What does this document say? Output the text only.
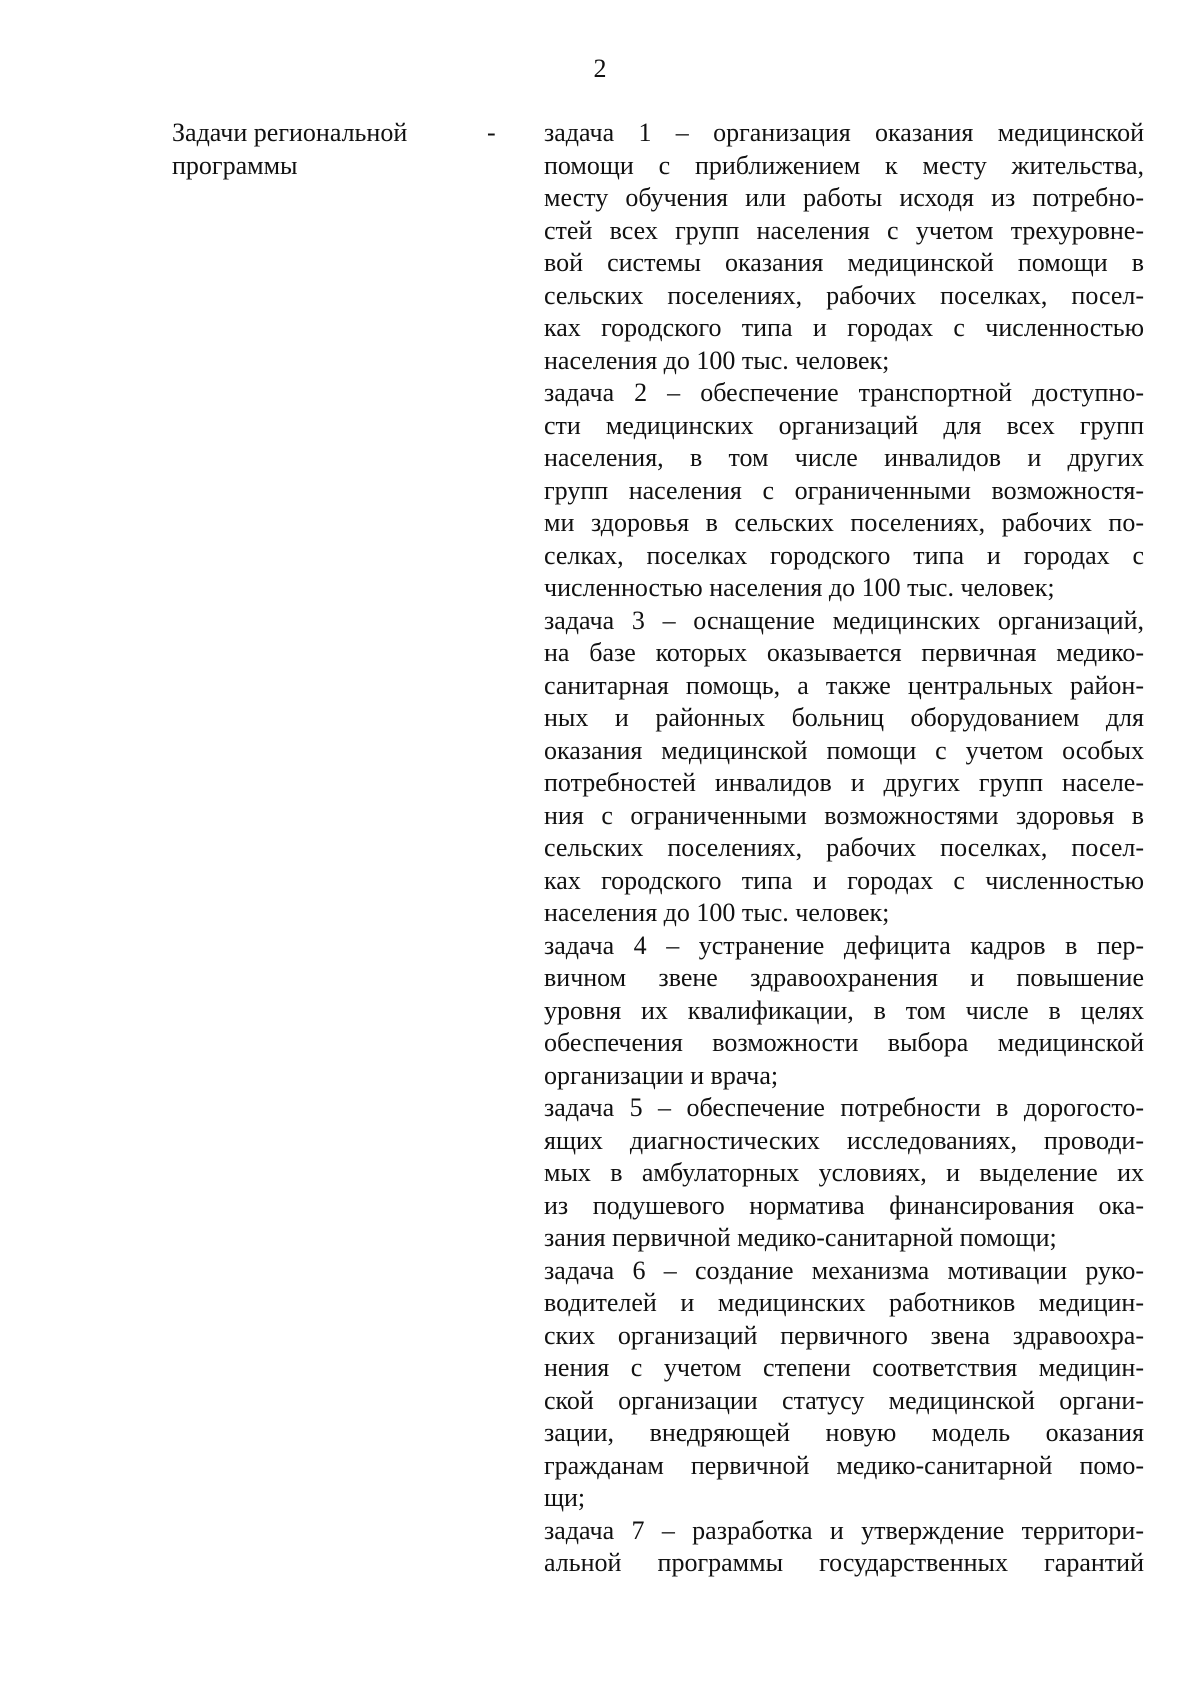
2
Задачи региональной
программы
- задача 1 – организация оказания медицинской
помощи с приближением к месту жительства,
месту обучения или работы исходя из потребно-
стей всех групп населения с учетом трехуровне-
вой системы оказания медицинской помощи в
сельских поселениях, рабочих поселках, посел-
ках городского типа и городах с численностью
населения до 100 тыс. человек;
задача 2 – обеспечение транспортной доступно-
сти медицинских организаций для всех групп
населения, в том числе инвалидов и других
групп населения с ограниченными возможностя-
ми здоровья в сельских поселениях, рабочих по-
селках, поселках городского типа и городах с
численностью населения до 100 тыс. человек;
задача 3 – оснащение медицинских организаций,
на базе которых оказывается первичная медико-
санитарная помощь, а также центральных район-
ных и районных больниц оборудованием для
оказания медицинской помощи с учетом особых
потребностей инвалидов и других групп населе-
ния с ограниченными возможностями здоровья в
сельских поселениях, рабочих поселках, посел-
ках городского типа и городах с численностью
населения до 100 тыс. человек;
задача 4 – устранение дефицита кадров в пер-
вичном звене здравоохранения и повышение
уровня их квалификации, в том числе в целях
обеспечения возможности выбора медицинской
организации и врача;
задача 5 – обеспечение потребности в дорогосто-
ящих диагностических исследованиях, проводи-
мых в амбулаторных условиях, и выделение их
из подушевого норматива финансирования ока-
зания первичной медико-санитарной помощи;
задача 6 – создание механизма мотивации руко-
водителей и медицинских работников медицин-
ских организаций первичного звена здравоохра-
нения с учетом степени соответствия медицин-
ской организации статусу медицинской органи-
зации, внедряющей новую модель оказания
гражданам первичной медико-санитарной помо-
щи;
задача 7 – разработка и утверждение территори-
альной программы государственных гарантий
